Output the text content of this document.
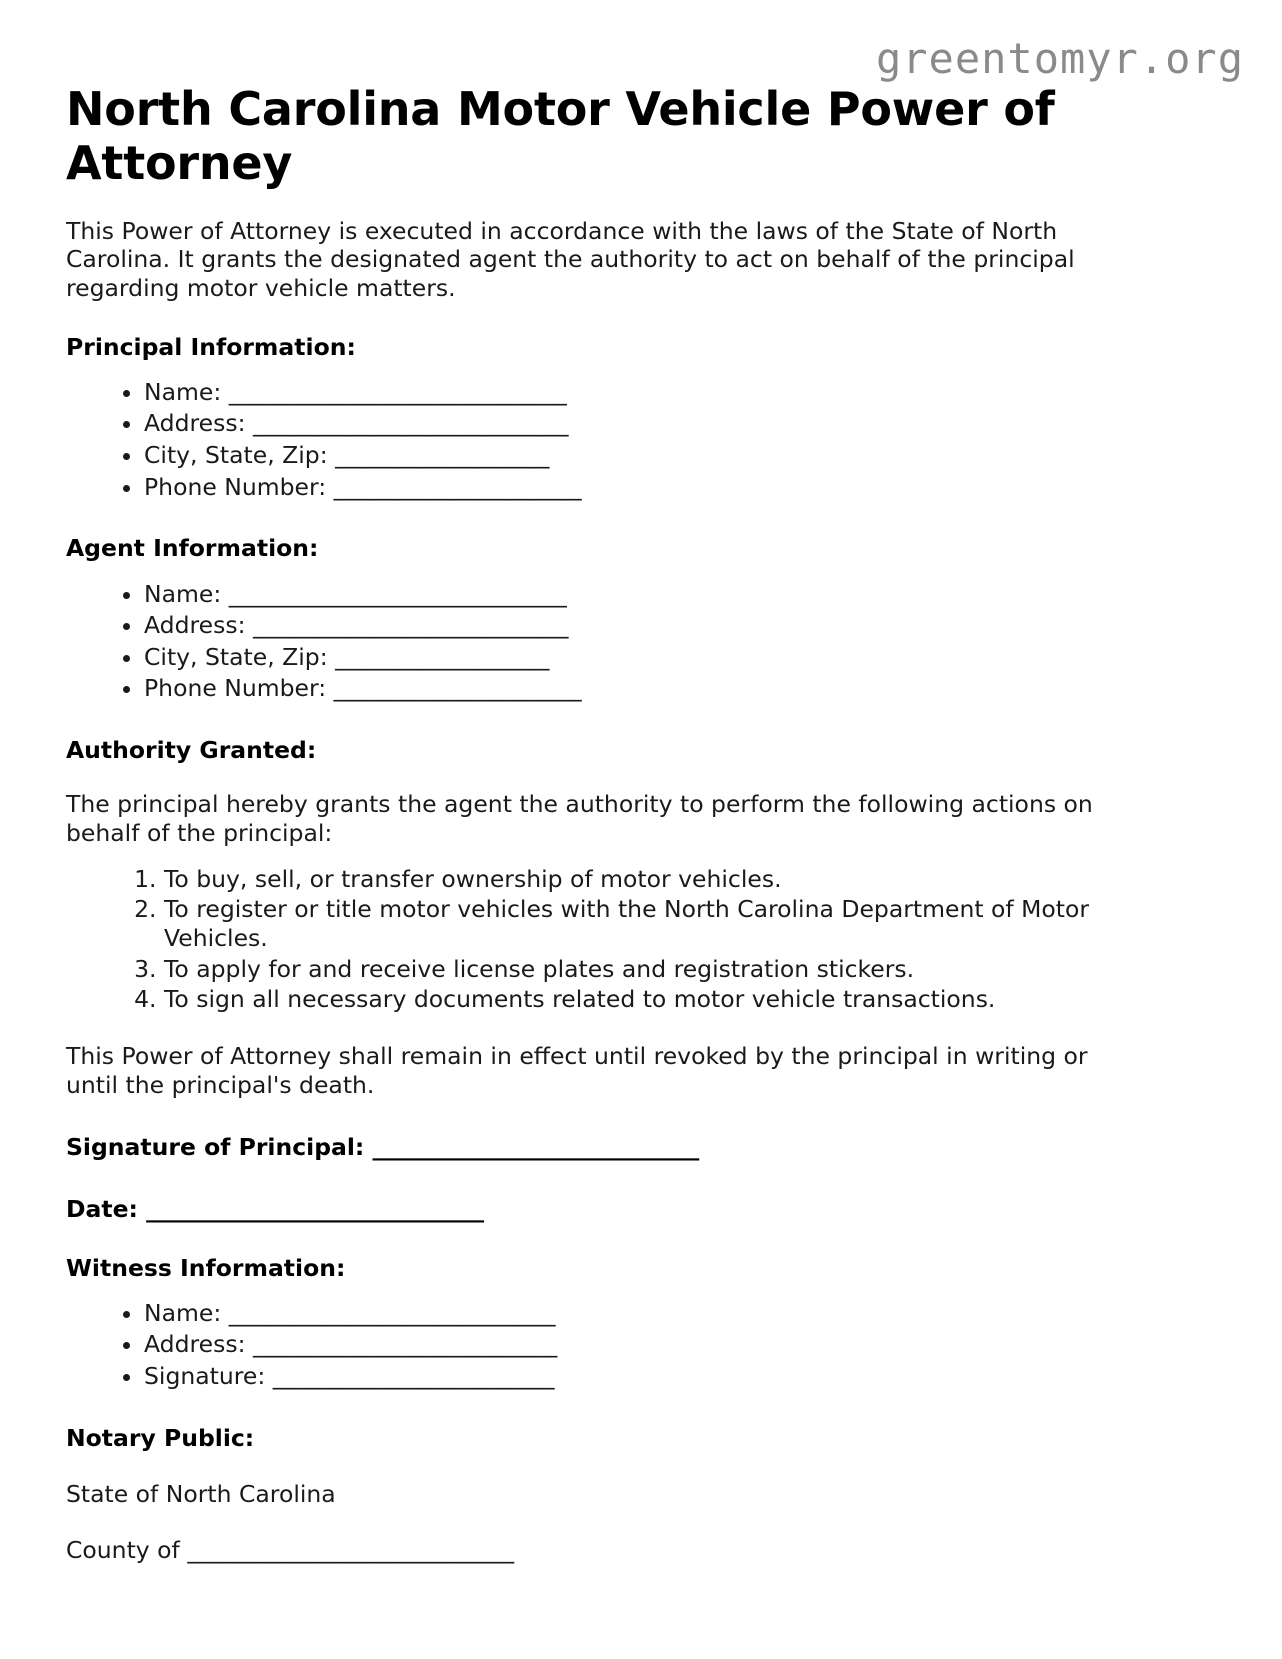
greentomyr.org
North Carolina Motor Vehicle Power of Attorney

This Power of Attorney is executed in accordance with the laws of the State of North Carolina. It grants the designated agent the authority to act on behalf of the principal regarding motor vehicle matters.

Principal Information:
• Name: ______________________________
• Address: ____________________________
• City, State, Zip: ___________________
• Phone Number: ______________________
Agent Information:
• Name: ______________________________
• Address: ____________________________
• City, State, Zip: ___________________
• Phone Number: ______________________
Authority Granted:

The principal hereby grants the agent the authority to perform the following actions on behalf of the principal:

1. To buy, sell, or transfer ownership of motor vehicles.
2. To register or title motor vehicles with the North Carolina Department of Motor Vehicles.
3. To apply for and receive license plates and registration stickers.
4. To sign all necessary documents related to motor vehicle transactions.

This Power of Attorney shall remain in effect until revoked by the principal in writing or until the principal's death.

Signature of Principal: _____________________________
Date: ______________________________
Witness Information:
• Name: _____________________________
• Address: ___________________________
• Signature: _________________________
Notary Public:

State of North Carolina

County of _____________________________
